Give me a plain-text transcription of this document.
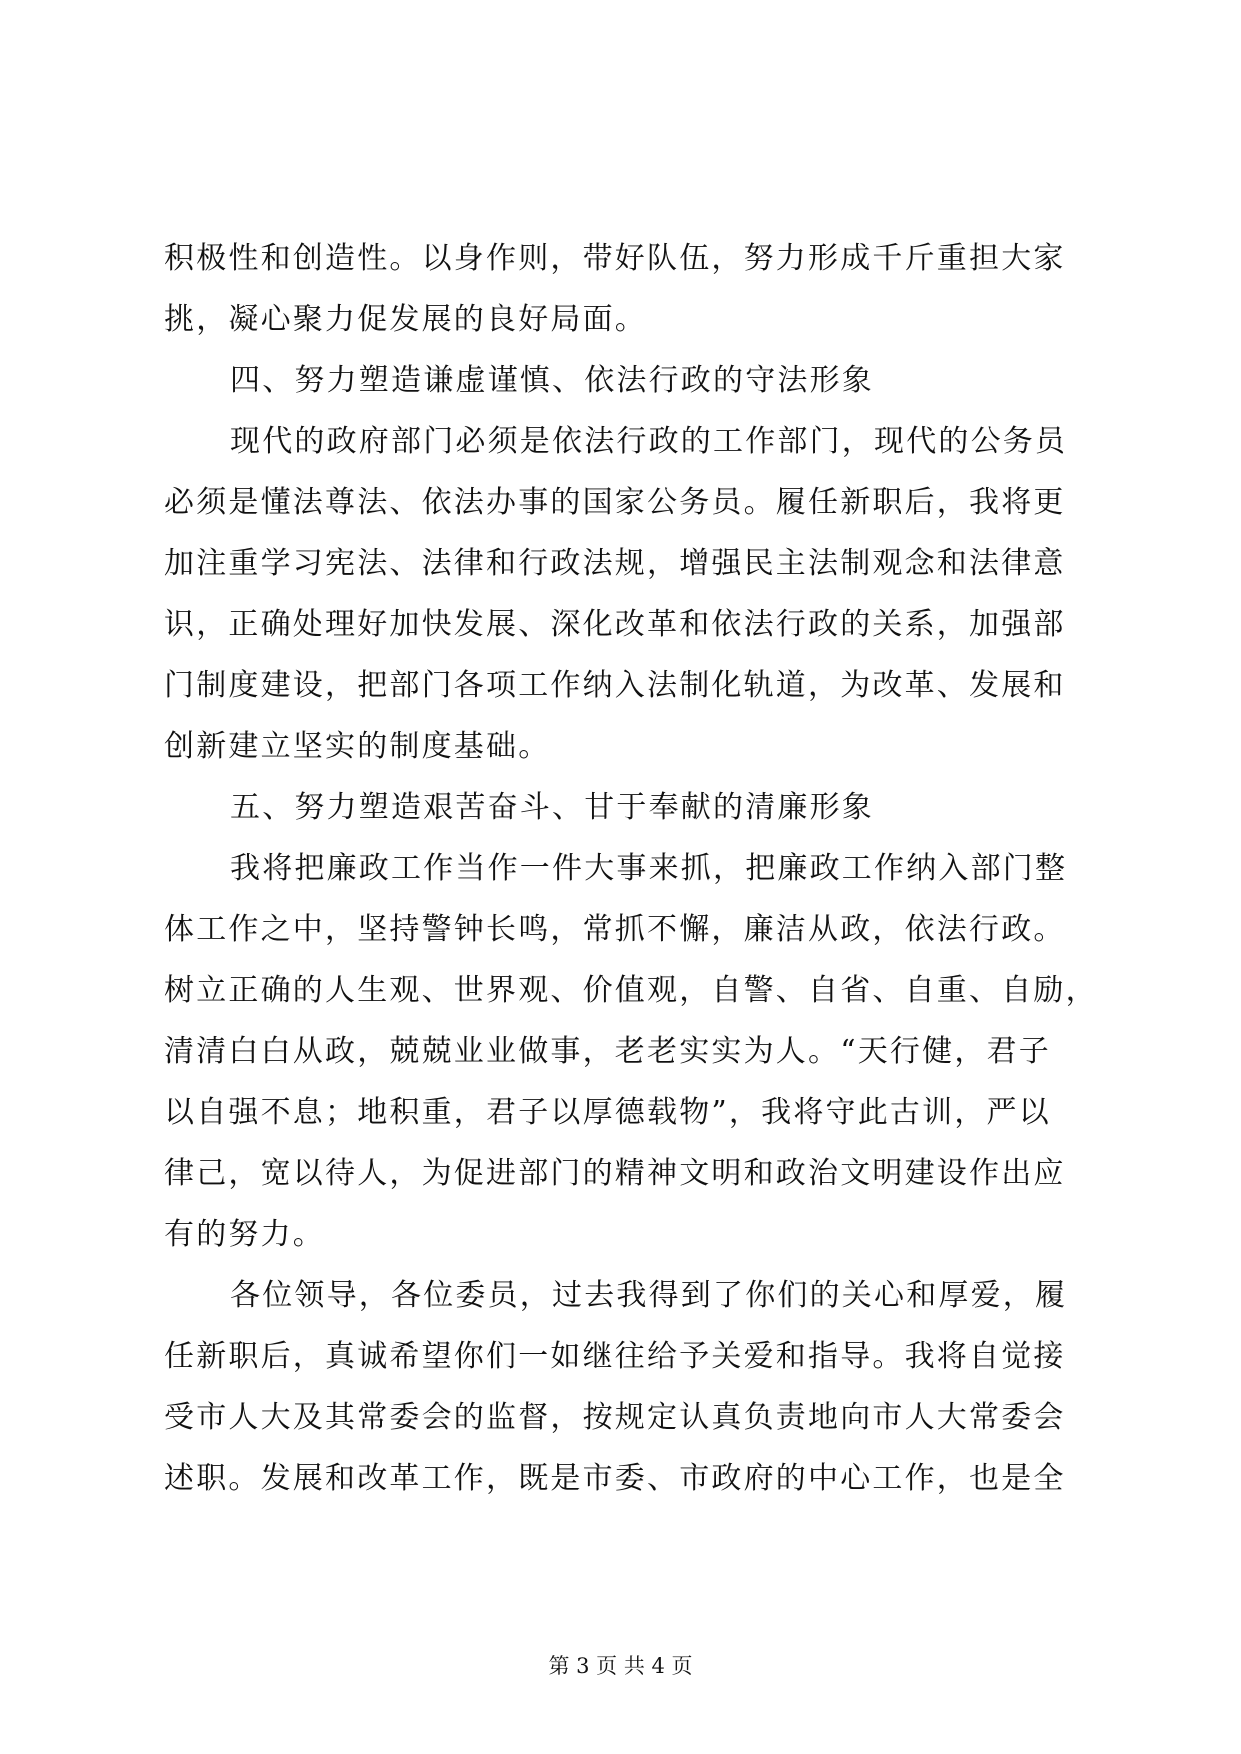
积极性和创造性。以身作则，带好队伍，努力形成千斤重担大家
挑，凝心聚力促发展的良好局面。
四、努力塑造谦虚谨慎、依法行政的守法形象
现代的政府部门必须是依法行政的工作部门，现代的公务员
必须是懂法尊法、依法办事的国家公务员。履任新职后，我将更
加注重学习宪法、法律和行政法规，增强民主法制观念和法律意
识，正确处理好加快发展、深化改革和依法行政的关系，加强部
门制度建设，把部门各项工作纳入法制化轨道，为改革、发展和
创新建立坚实的制度基础。
五、努力塑造艰苦奋斗、甘于奉献的清廉形象
我将把廉政工作当作一件大事来抓，把廉政工作纳入部门整
体工作之中，坚持警钟长鸣，常抓不懈，廉洁从政，依法行政。
树立正确的人生观、世界观、价值观，自警、自省、自重、自励，
清清白白从政，兢兢业业做事，老老实实为人。“天行健，君子
以自强不息；地积重，君子以厚德载物”，我将守此古训，严以
律己，宽以待人，为促进部门的精神文明和政治文明建设作出应
有的努力。
各位领导，各位委员，过去我得到了你们的关心和厚爱，履
任新职后，真诚希望你们一如继往给予关爱和指导。我将自觉接
受市人大及其常委会的监督，按规定认真负责地向市人大常委会
述职。发展和改革工作，既是市委、市政府的中心工作，也是全
第 3 页 共 4 页
